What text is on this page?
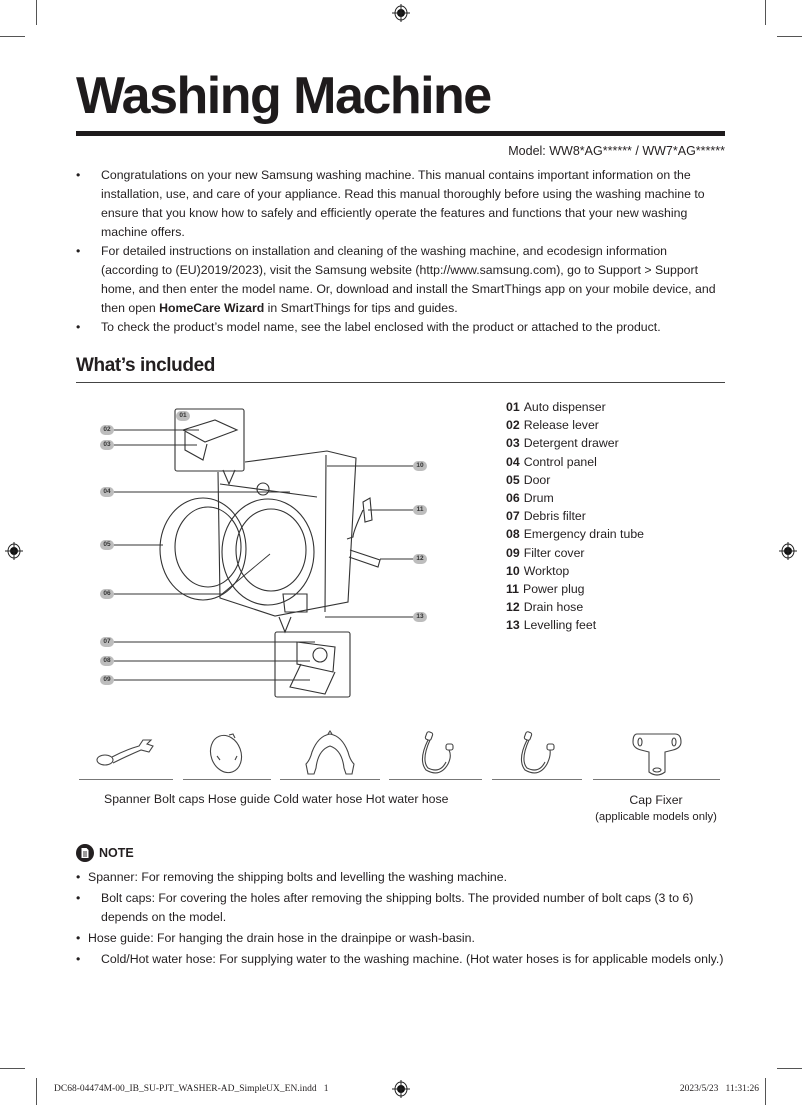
Washing Machine
Model: WW8*AG****** / WW7*AG******
• Congratulations on your new Samsung washing machine. This manual contains important information on the installation, use, and care of your appliance. Read this manual thoroughly before using the washing machine to ensure that you know how to safely and efficiently operate the features and functions that your new washing machine offers.
• For detailed instructions on installation and cleaning of the washing machine, and ecodesign information (according to (EU)2019/2023), visit the Samsung website (http://www.samsung.com), go to Support > Support home, and then enter the model name. Or, download and install the SmartThings app on your mobile device, and then open HomeCare Wizard in SmartThings for tips and guides.
• To check the product’s model name, see the label enclosed with the product or attached to the product.
What’s included
01
02
03
04
05
06
07
08
09
10
11
12
13
01 Auto dispenser
02 Release lever
03 Detergent drawer
04 Control panel
05 Door
06 Drum
07 Debris filter
08 Emergency drain tube
09 Filter cover
10 Worktop
11 Power plug
12 Drain hose
13 Levelling feet
Spanner Bolt caps Hose guide Cold water hose Hot water hose	Cap Fixer
(applicable models only)
NOTE
• Spanner: For removing the shipping bolts and levelling the washing machine.
• Bolt caps: For covering the holes after removing the shipping bolts. The provided number of bolt caps (3 to 6) depends on the model.
• Hose guide: For hanging the drain hose in the drainpipe or wash-basin.
• Cold/Hot water hose: For supplying water to the washing machine. (Hot water hoses is for applicable models only.)
DC68-04474M-00_IB_SU-PJT_WASHER-AD_SimpleUX_EN.indd   1	2023/5/23   11:31:26
